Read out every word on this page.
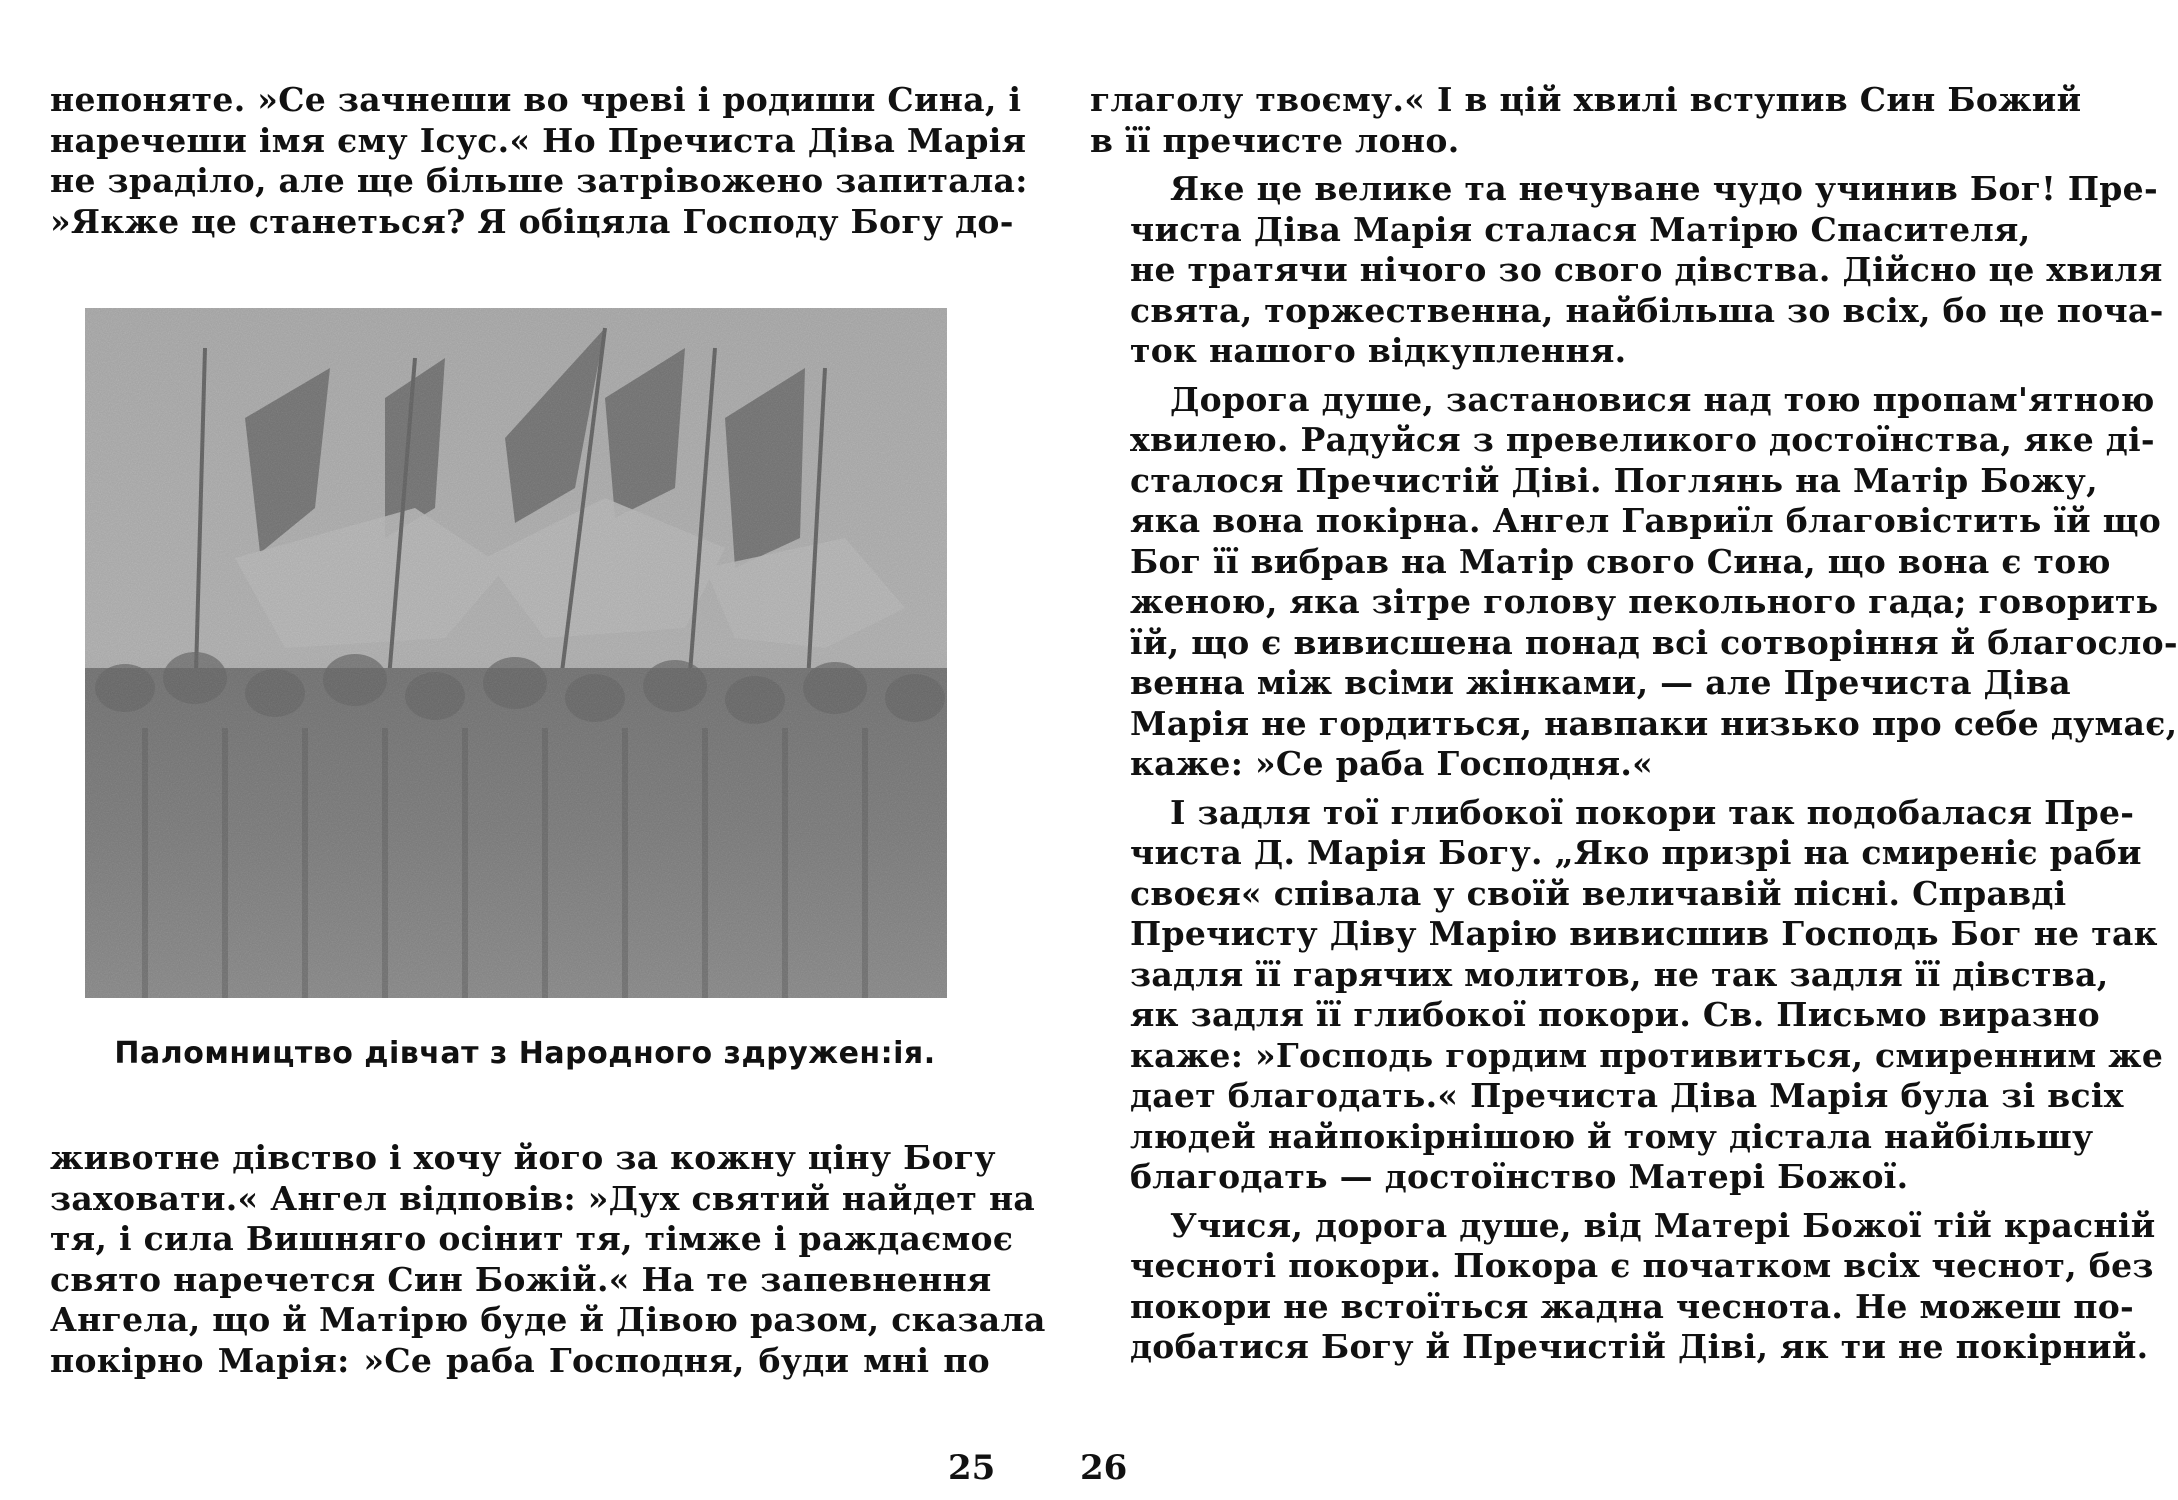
непоняте. »Се зачнеши во чреві і родиши Сина, і
наречеши імя єму Ісус.« Но Пречиста Діва Марія
не зраділо, але ще більше затрівожено запитала:
»Якже це станеться? Я обіцяла Господу Богу до-
Паломництво дівчат з Народного здружен:ія.
животне дівство і хочу його за кожну ціну Богу
заховати.« Ангел відповів: »Дух святий найдет на
тя, і сила Вишняго осінит тя, тімже і раждаємоє
свято наречется Син Божій.« На те запевнення
Ангела, що й Матірю буде й Дівою разом, сказала
покірно Марія: »Се раба Господня, буди мні по
25
глаголу твоєму.« І в цій хвилі вступив Син Божий
в її пречисте лоно.
Яке це велике та нечуване чудо учинив Бог! Пре-
чиста Діва Марія сталася Матірю Спасителя,
не тратячи нічого зо свого дівства. Дійсно це хвиля
свята, торжественна, найбільша зо всіх, бо це поча-
ток нашого відкуплення.
Дорога душе, застановися над тою пропам'ятною
хвилею. Радуйся з превеликого достоїнства, яке ді-
сталося Пречистій Діві. Поглянь на Матір Божу,
яка вона покірна. Ангел Гавриїл благовістить їй що
Бог її вибрав на Матір свого Сина, що вона є тою
женою, яка зітре голову пекольного гада; говорить
їй, що є вивисшена понад всі сотворіння й благосло-
венна між всіми жінками, — але Пречиста Діва
Марія не гордиться, навпаки низько про себе думає,
каже: »Се раба Господня.«
І задля тої глибокої покори так подобалася Пре-
чиста Д. Марія Богу. „Яко призрі на смиреніє раби
своєя« співала у своїй величавій пісні. Справді
Пречисту Діву Марію вивисшив Господь Бог не так
задля її гарячих молитов, не так задля її дівства,
як задля її глибокої покори. Св. Письмо виразно
каже: »Господь гордим противиться, смиренним же
дает благодать.« Пречиста Діва Марія була зі всіх
людей найпокірнішою й тому дістала найбільшу
благодать — достоїнство Матері Божої.
Учися, дорога душе, від Матері Божої тій красній
чесноті покори. Покора є початком всіх чеснот, без
покори не встоїться жадна чеснота. Не можеш по-
добатися Богу й Пречистій Діві, як ти не покірний.
26
